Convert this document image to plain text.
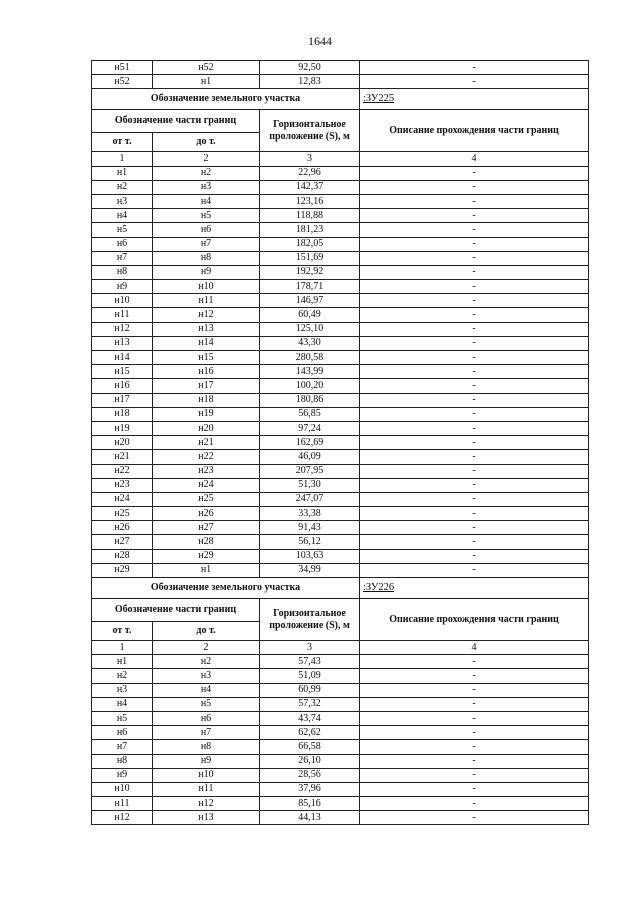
1644
н51	н52	92,50	-
н52	н1	12,83	-
Обозначение земельного участка			:ЗУ225
Обозначение части границ		Горизонтальное проложение (S), м	Описание прохождения части границ
от т.	до т.		
1	2	3	4
н1	н2	22,96	-
н2	н3	142,37	-
н3	н4	123,16	-
н4	н5	118,88	-
н5	н6	181,23	-
н6	н7	182,05	-
н7	н8	151,69	-
н8	н9	192,92	-
н9	н10	178,71	-
н10	н11	146,97	-
н11	н12	60,49	-
н12	н13	125,10	-
н13	н14	43,30	-
н14	н15	280,58	-
н15	н16	143,99	-
н16	н17	100,20	-
н17	н18	180,86	-
н18	н19	56,85	-
н19	н20	97,24	-
н20	н21	162,69	-
н21	н22	46,09	-
н22	н23	207,95	-
н23	н24	51,30	-
н24	н25	247,07	-
н25	н26	33,38	-
н26	н27	91,43	-
н27	н28	56,12	-
н28	н29	103,63	-
н29	н1	34,99	-
Обозначение земельного участка			:ЗУ226
Обозначение части границ		Горизонтальное проложение (S), м	Описание прохождения части границ
от т.	до т.		
1	2	3	4
н1	н2	57,43	-
н2	н3	51,09	-
н3	н4	60,99	-
н4	н5	57,32	-
н5	н6	43,74	-
н6	н7	62,62	-
н7	н8	66,58	-
н8	н9	26,10	-
н9	н10	28,56	-
н10	н11	37,96	-
н11	н12	85,16	-
н12	н13	44,13	-
